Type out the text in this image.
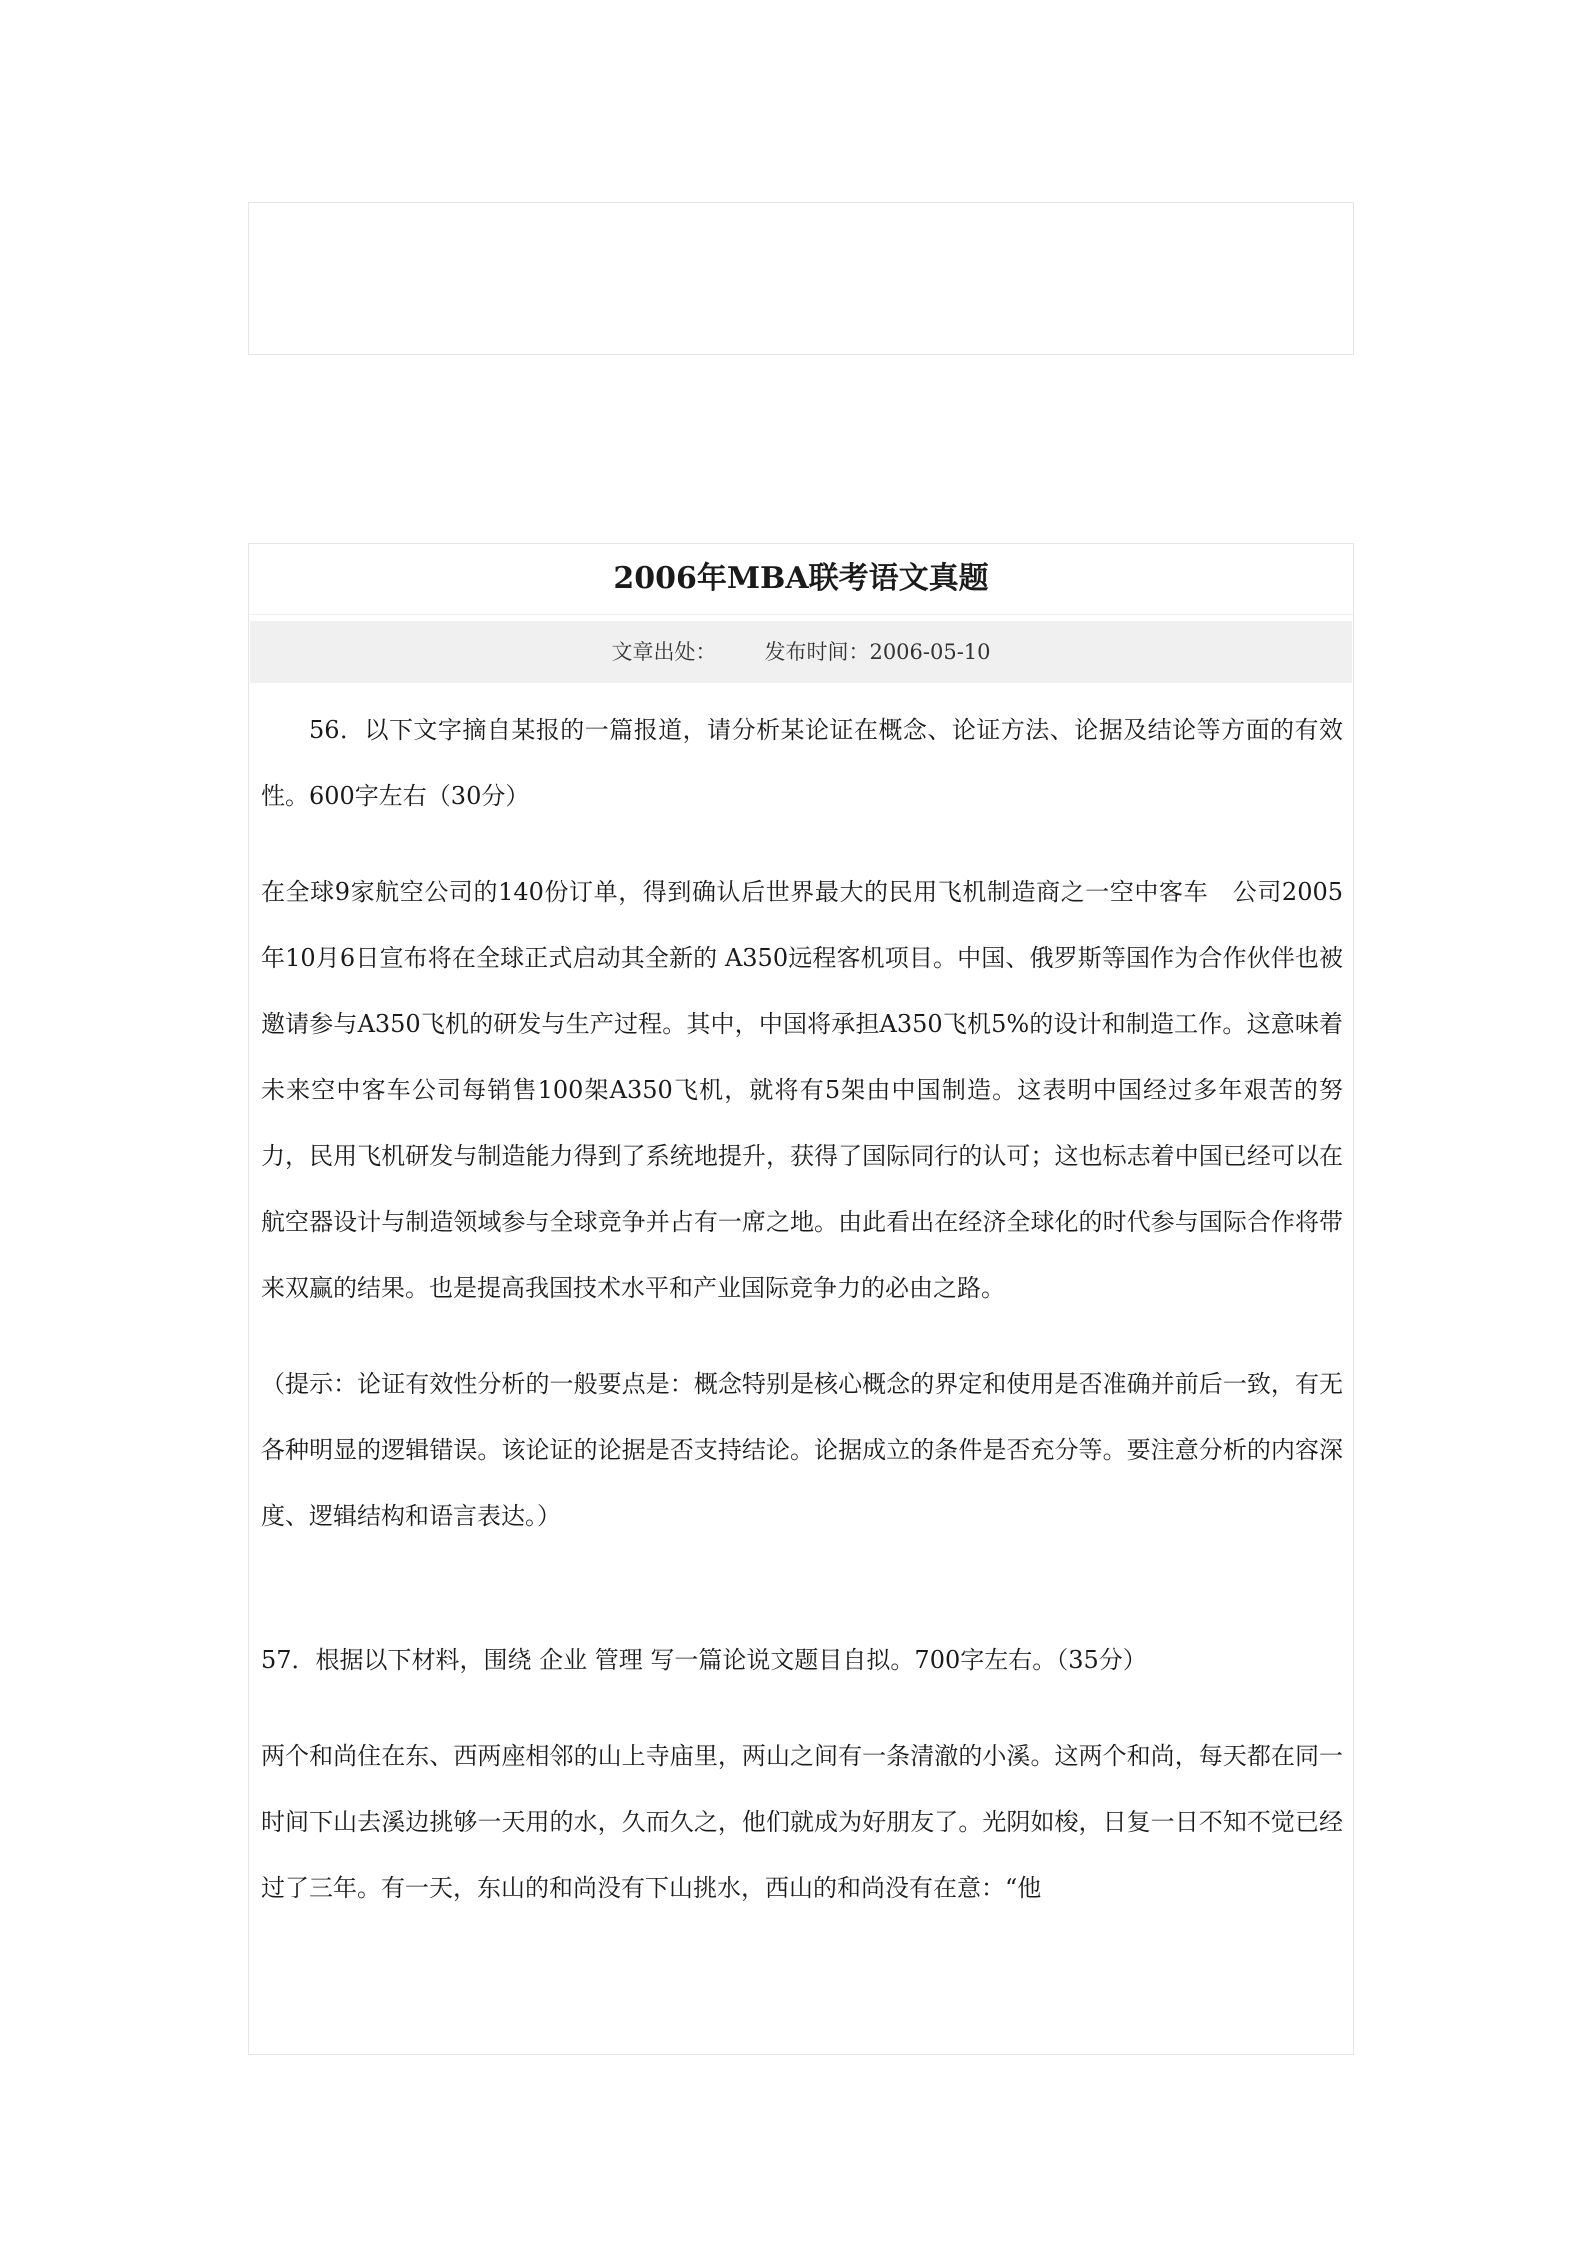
2006年MBA联考语文真题
文章出处： 发布时间：2006-05-10

56．以下文字摘自某报的一篇报道，请分析某论证在概念、论证方法、论据及结论等方面的有效性。600字左右（30分）

在全球9家航空公司的140份订单，得到确认后世界最大的民用飞机制造商之一空中客车　公司2005年10月6日宣布将在全球正式启动其全新的 A350远程客机项目。中国、俄罗斯等国作为合作伙伴也被邀请参与A350飞机的研发与生产过程。其中，中国将承担A350飞机5%的设计和制造工作。这意味着未来空中客车公司每销售100架A350飞机，就将有5架由中国制造。这表明中国经过多年艰苦的努力，民用飞机研发与制造能力得到了系统地提升，获得了国际同行的认可；这也标志着中国已经可以在航空器设计与制造领域参与全球竞争并占有一席之地。由此看出在经济全球化的时代参与国际合作将带来双赢的结果。也是提高我国技术水平和产业国际竞争力的必由之路。

（提示：论证有效性分析的一般要点是：概念特别是核心概念的界定和使用是否准确并前后一致，有无各种明显的逻辑错误。该论证的论据是否支持结论。论据成立的条件是否充分等。要注意分析的内容深度、逻辑结构和语言表达。）

57．根据以下材料，围绕 企业 管理 写一篇论说文题目自拟。700字左右。（35分）

两个和尚住在东、西两座相邻的山上寺庙里，两山之间有一条清澈的小溪。这两个和尚，每天都在同一时间下山去溪边挑够一天用的水，久而久之，他们就成为好朋友了。光阴如梭，日复一日不知不觉已经过了三年。有一天，东山的和尚没有下山挑水，西山的和尚没有在意：“他
